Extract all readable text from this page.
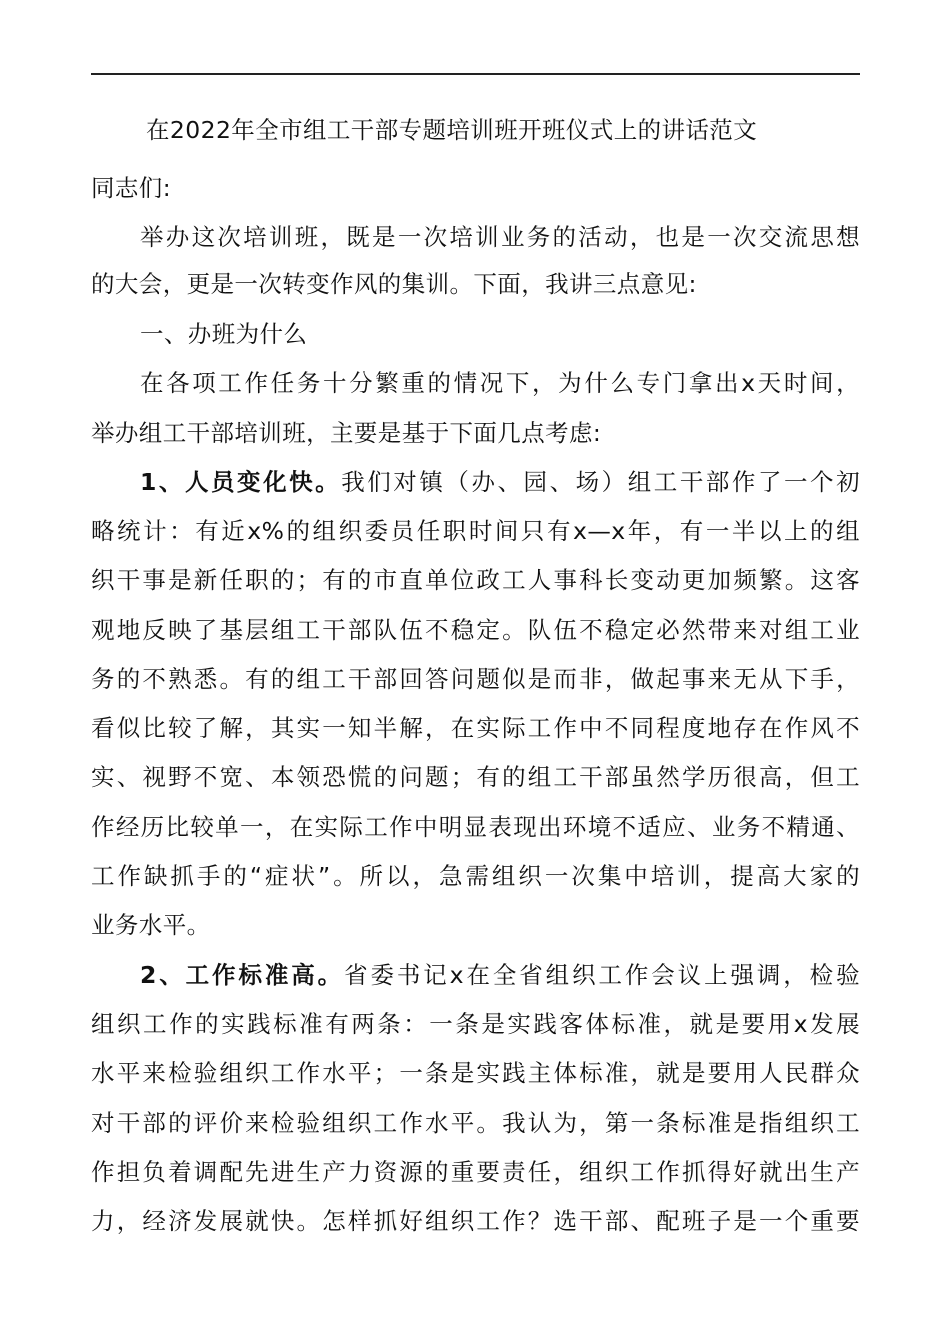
在2022年全市组工干部专题培训班开班仪式上的讲话范文
同志们:
举办这次培训班，既是一次培训业务的活动，也是一次交流思想
的大会，更是一次转变作风的集训。下面，我讲三点意见:
一、办班为什么
在各项工作任务十分繁重的情况下，为什么专门拿出x天时间，
举办组工干部培训班，主要是基于下面几点考虑:
1、人员变化快。我们对镇（办、园、场）组工干部作了一个初
略统计：有近x%的组织委员任职时间只有x—x年，有一半以上的组
织干事是新任职的；有的市直单位政工人事科长变动更加频繁。这客
观地反映了基层组工干部队伍不稳定。队伍不稳定必然带来对组工业
务的不熟悉。有的组工干部回答问题似是而非，做起事来无从下手，
看似比较了解，其实一知半解，在实际工作中不同程度地存在作风不
实、视野不宽、本领恐慌的问题；有的组工干部虽然学历很高，但工
作经历比较单一，在实际工作中明显表现出环境不适应、业务不精通、
工作缺抓手的“症状”。所以，急需组织一次集中培训，提高大家的
业务水平。
2、工作标准高。省委书记x在全省组织工作会议上强调，检验
组织工作的实践标准有两条：一条是实践客体标准，就是要用x发展
水平来检验组织工作水平；一条是实践主体标准，就是要用人民群众
对干部的评价来检验组织工作水平。我认为，第一条标准是指组织工
作担负着调配先进生产力资源的重要责任，组织工作抓得好就出生产
力，经济发展就快。怎样抓好组织工作？选干部、配班子是一个重要
